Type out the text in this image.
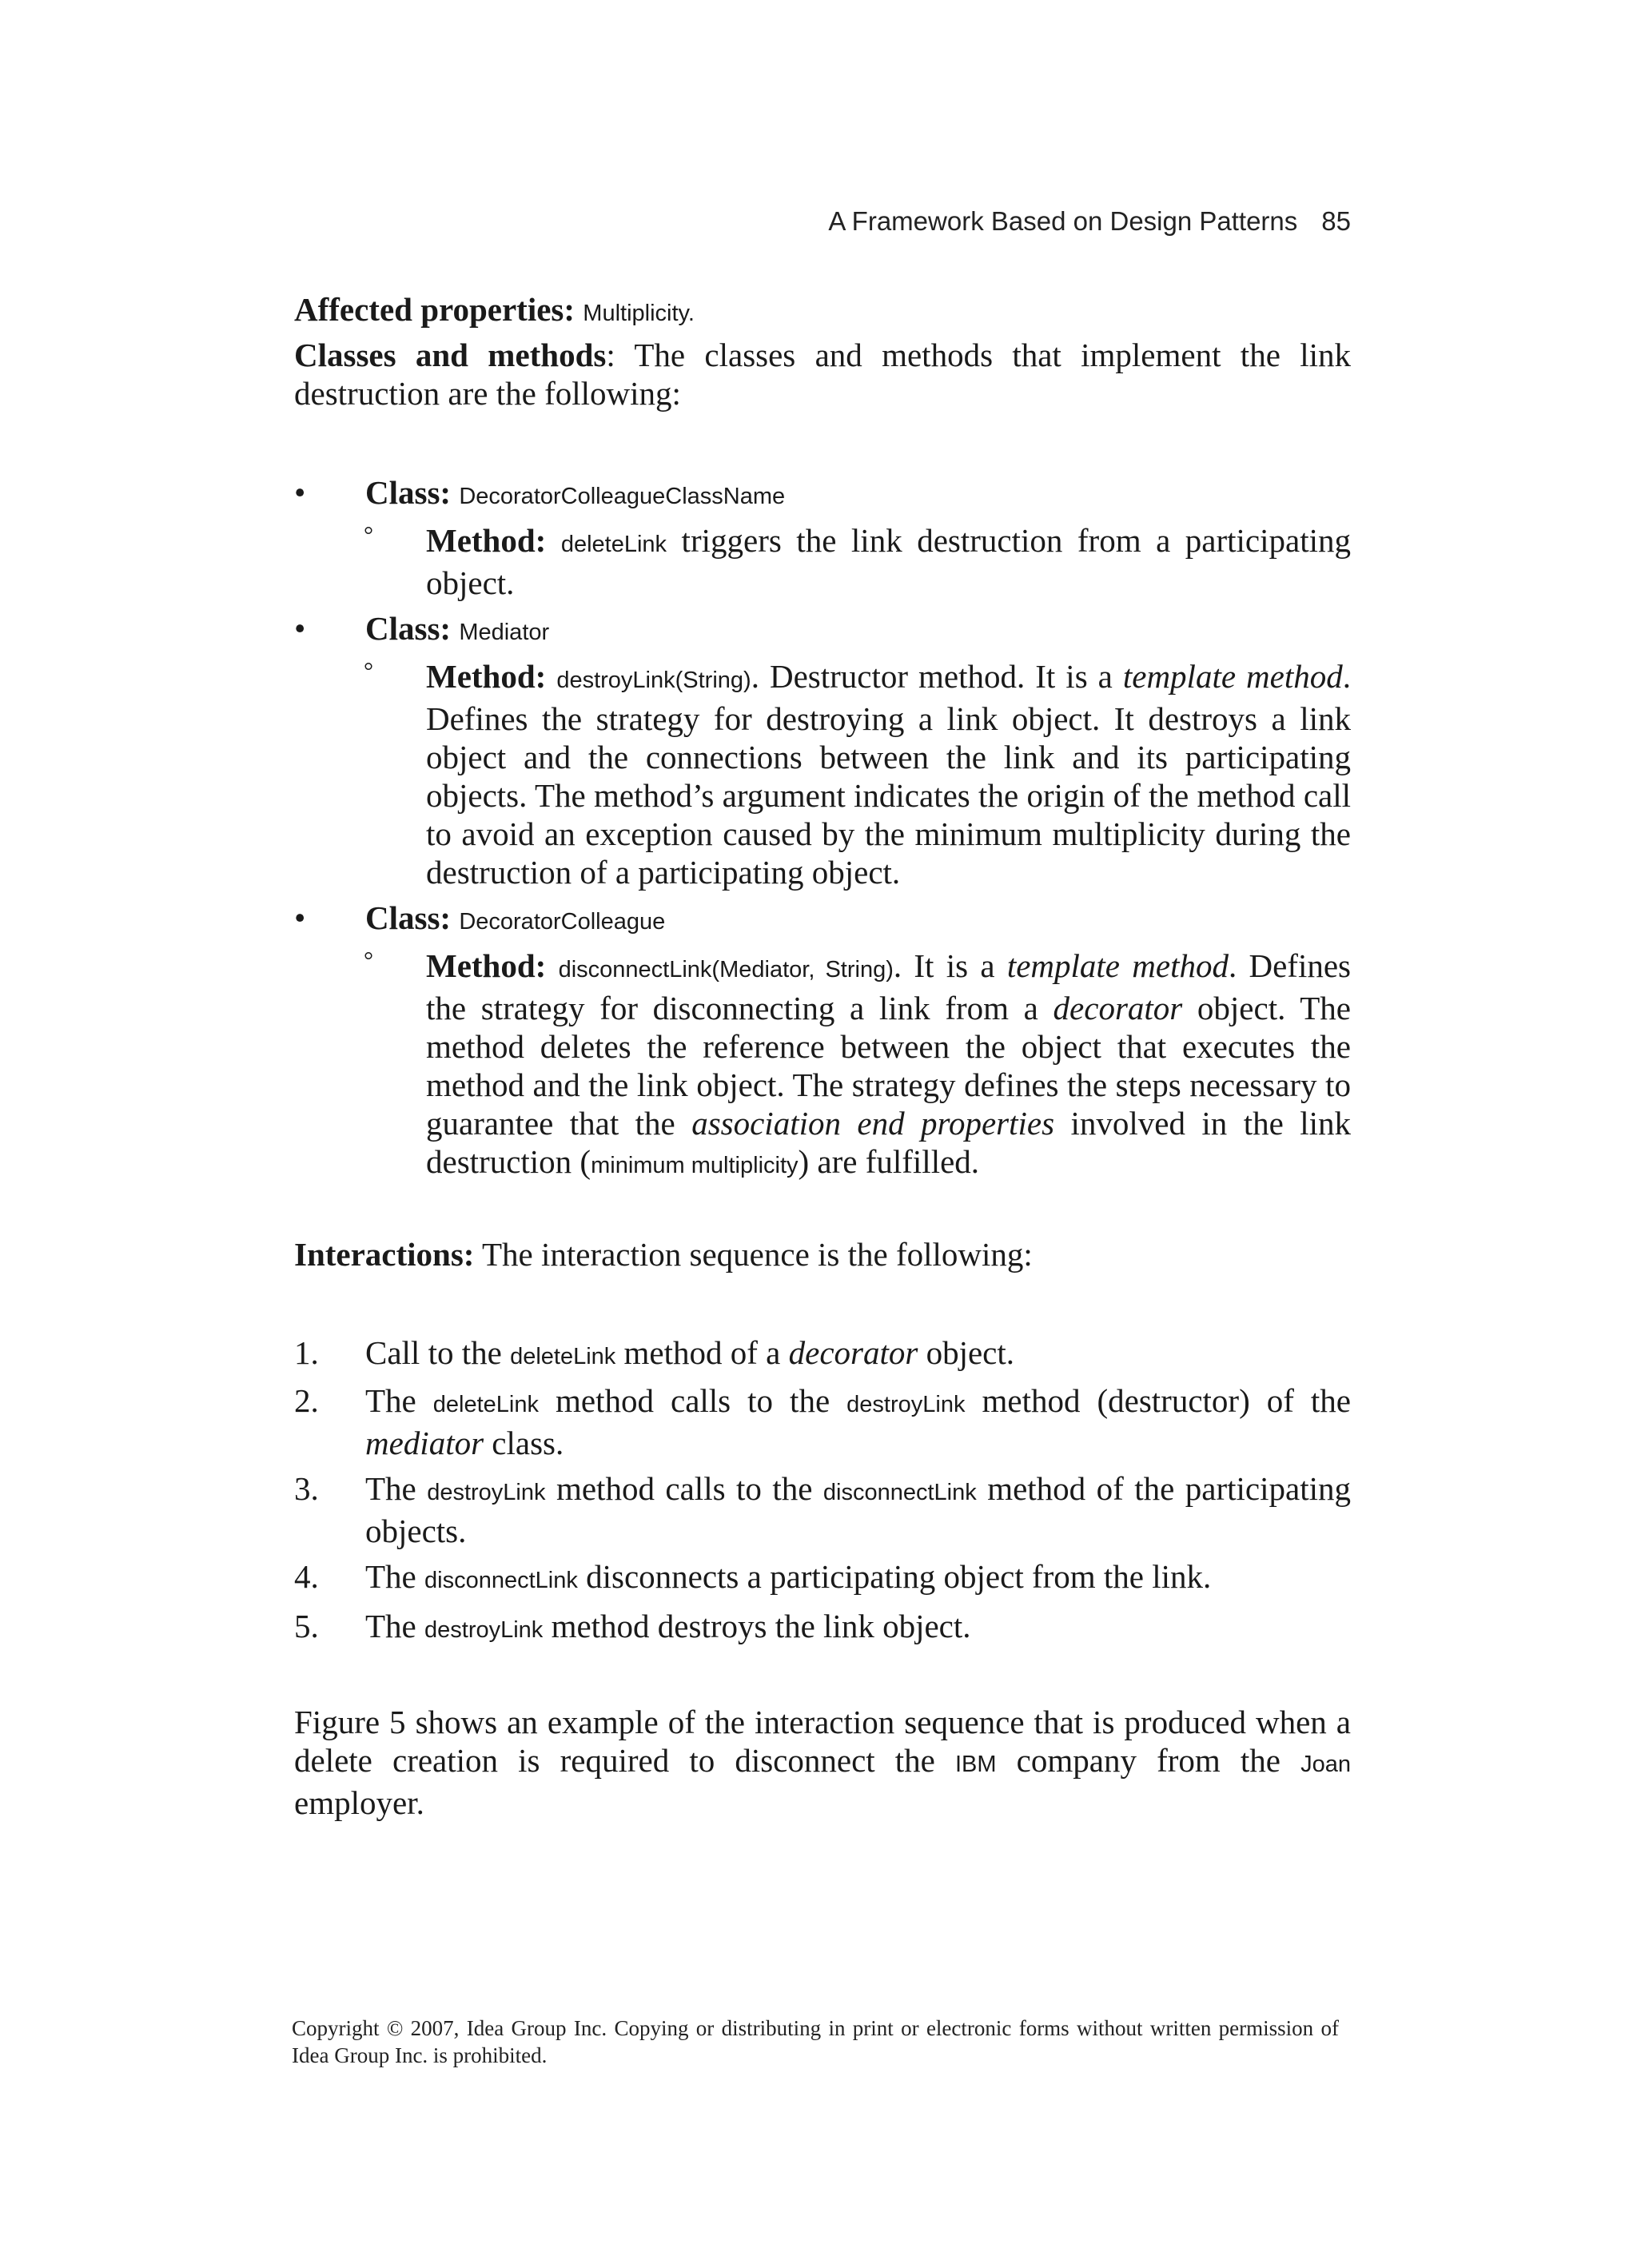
A Framework Based on Design Patterns 85
Affected properties: Multiplicity.
Classes and methods: The classes and methods that implement the link destruction are the following:
• Class: DecoratorColleagueClassName
° Method: deleteLink triggers the link destruction from a participating object.
• Class: Mediator
° Method: destroyLink(String). Destructor method. It is a template method. Defines the strategy for destroying a link object. It destroys a link object and the connections between the link and its participating objects. The method’s argument indicates the origin of the method call to avoid an exception caused by the minimum multiplicity during the destruction of a participating object.
• Class: DecoratorColleague
° Method: disconnectLink(Mediator, String). It is a template method. Defines the strategy for disconnecting a link from a decorator object. The method deletes the reference between the object that executes the method and the link object. The strategy defines the steps necessary to guarantee that the association end properties involved in the link destruction (minimum multiplicity) are fulfilled.
Interactions: The interaction sequence is the following:
1. Call to the deleteLink method of a decorator object.
2. The deleteLink method calls to the destroyLink method (destructor) of the mediator class.
3. The destroyLink method calls to the disconnectLink method of the participating objects.
4. The disconnectLink disconnects a participating object from the link.
5. The destroyLink method destroys the link object.
Figure 5 shows an example of the interaction sequence that is produced when a delete creation is required to disconnect the IBM company from the Joan employer.
Copyright © 2007, Idea Group Inc. Copying or distributing in print or electronic forms without written permission of Idea Group Inc. is prohibited.
